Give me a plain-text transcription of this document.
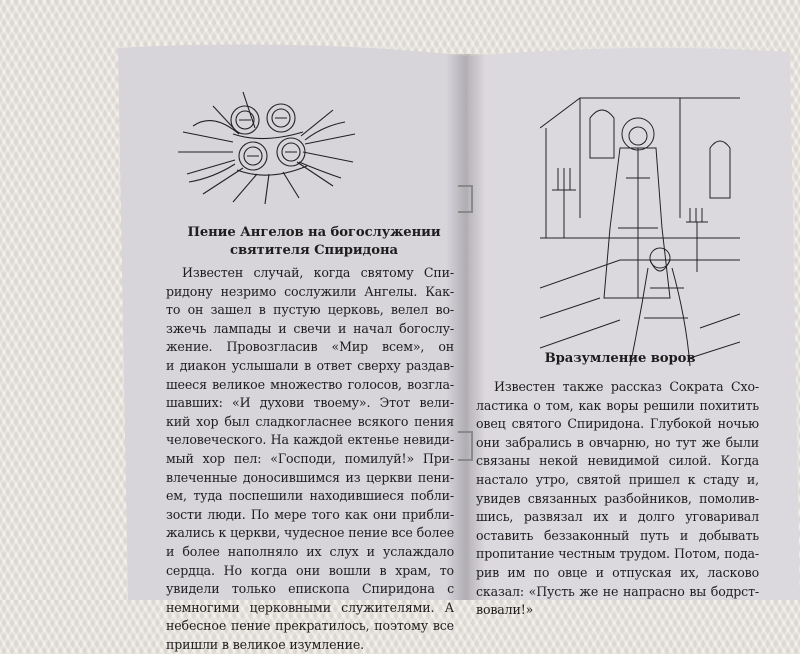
Пение Ангелов на богослужении
святителя Спиридона
Известен случай, когда святому Спи-
ридону незримо сослужили Ангелы. Как-
то он зашел в пустую церковь, велел во-
зжечь лампады и свечи и начал богослу-
жение. Провозгласив «Мир всем», он
и диакон услышали в ответ сверху раздав-
шееся великое множество голосов, возгла-
шавших: «И духови твоему». Этот вели-
кий хор был сладкогласнее всякого пения
человеческого. На каждой ектенье невиди-
мый хор пел: «Господи, помилуй!» При-
влеченные доносившимся из церкви пени-
ем, туда поспешили находившиеся побли-
зости люди. По мере того как они прибли-
жались к церкви, чудесное пение все более
и более наполняло их слух и услаждало
сердца. Но когда они вошли в храм, то
увидели только епископа Спиридона с
немногими церковными служителями. А
небесное пение прекратилось, поэтому все
пришли в великое изумление.
Вразумление воров
Известен также рассказ Сократа Схо-
ластика о том, как воры решили похитить
овец святого Спиридона. Глубокой ночью
они забрались в овчарню, но тут же были
связаны некой невидимой силой. Когда
настало утро, святой пришел к стаду и,
увидев связанных разбойников, помолив-
шись, развязал их и долго уговаривал
оставить беззаконный путь и добывать
пропитание честным трудом. Потом, пода-
рив им по овце и отпуская их, ласково
сказал: «Пусть же не напрасно вы бодрст-
вовали!»
